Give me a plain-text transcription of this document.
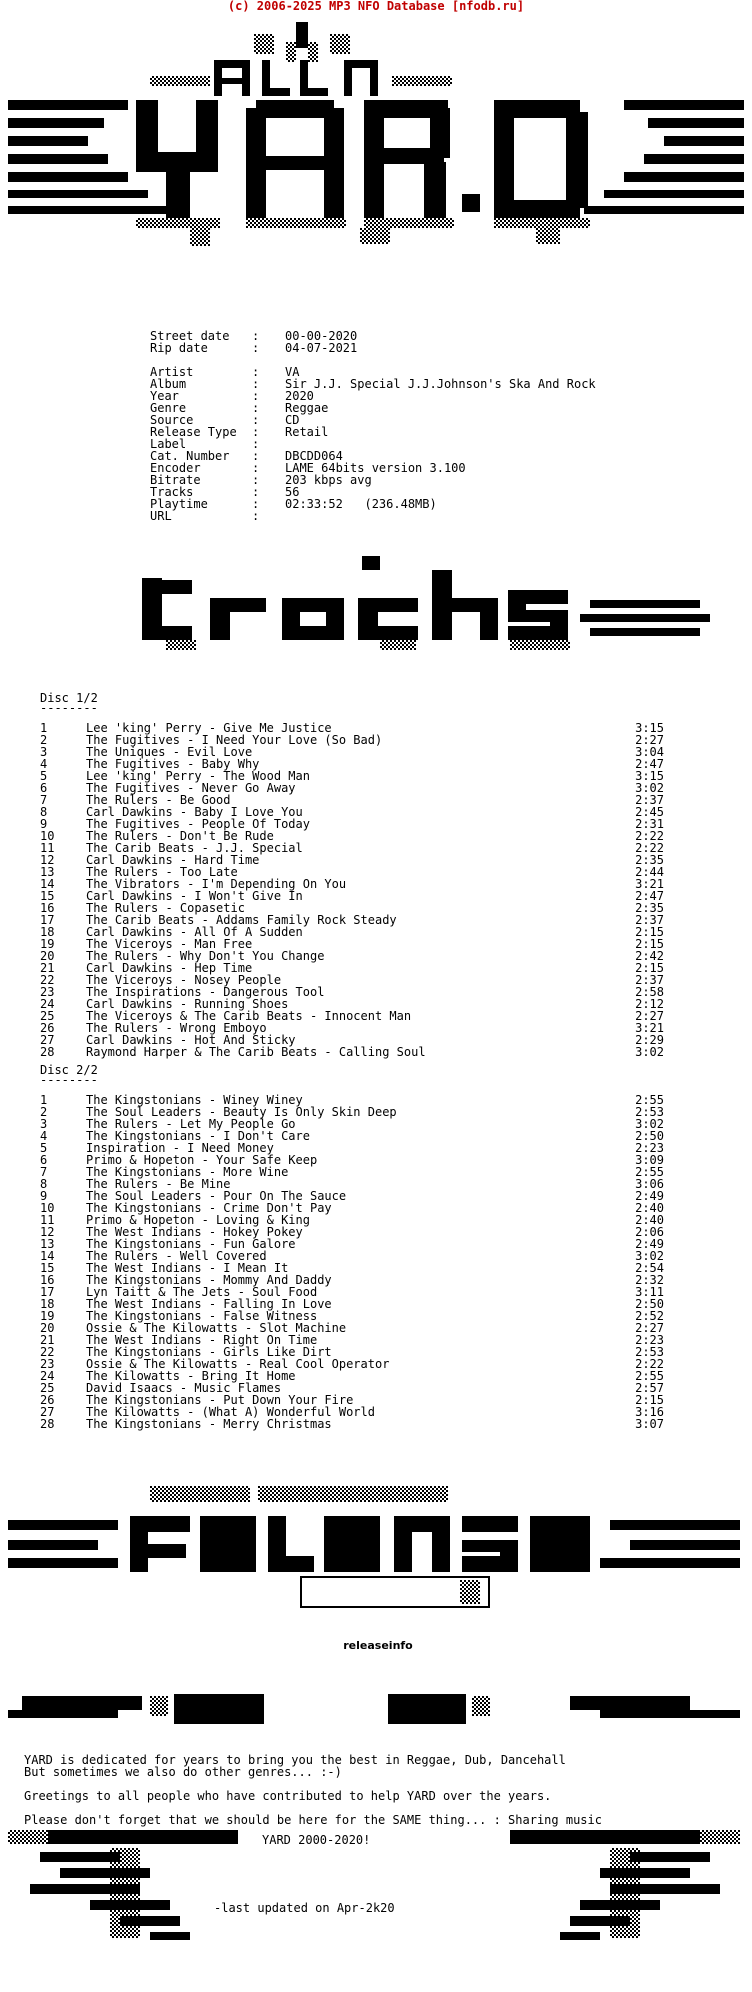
(c) 2006-2025 MP3 NFO Database [nfodb.ru]
Street date : 00-00-2020
Rip date	: 04-07-2021
Artist	: VA
Album	: Sir J.J. Special J.J.Johnson's Ska And Rock
Year	: 2020
Genre	: Reggae
Source	: CD
Release Type : Retail
Label	:
Cat. Number : DBCDD064
Encoder	: LAME 64bits version 3.100
Bitrate	: 203 kbps avg
Tracks	: 56
Playtime	: 02:33:52   (236.48MB)
URL	:
Disc 1/2
--------
1	Lee 'king' Perry - Give Me Justice	3:15
2	The Fugitives - I Need Your Love (So Bad)	2:27
3	The Uniques - Evil Love	3:04
4	The Fugitives - Baby Why	2:47
5	Lee 'king' Perry - The Wood Man	3:15
6	The Fugitives - Never Go Away	3:02
7	The Rulers - Be Good	2:37
8	Carl Dawkins - Baby I Love You	2:45
9	The Fugitives - People Of Today	2:31
10	The Rulers - Don't Be Rude	2:22
11	The Carib Beats - J.J. Special	2:22
12	Carl Dawkins - Hard Time	2:35
13	The Rulers - Too Late	2:44
14	The Vibrators - I'm Depending On You	3:21
15	Carl Dawkins - I Won't Give In	2:47
16	The Rulers - Copasetic	2:35
17	The Carib Beats - Addams Family Rock Steady	2:37
18	Carl Dawkins - All Of A Sudden	2:15
19	The Viceroys - Man Free	2:15
20	The Rulers - Why Don't You Change	2:42
21	Carl Dawkins - Hep Time	2:15
22	The Viceroys - Nosey People	2:37
23	The Inspirations - Dangerous Tool	2:58
24	Carl Dawkins - Running Shoes	2:12
25	The Viceroys & The Carib Beats - Innocent Man	2:27
26	The Rulers - Wrong Emboyo	3:21
27	Carl Dawkins - Hot And Sticky	2:29
28	Raymond Harper & The Carib Beats - Calling Soul	3:02
Disc 2/2
--------
1	The Kingstonians - Winey Winey	2:55
2	The Soul Leaders - Beauty Is Only Skin Deep	2:53
3	The Rulers - Let My People Go	3:02
4	The Kingstonians - I Don't Care	2:50
5	Inspiration - I Need Money	2:23
6	Primo & Hopeton - Your Safe Keep	3:09
7	The Kingstonians - More Wine	2:55
8	The Rulers - Be Mine	3:06
9	The Soul Leaders - Pour On The Sauce	2:49
10	The Kingstonians - Crime Don't Pay	2:40
11	Primo & Hopeton - Loving & King	2:40
12	The West Indians - Hokey Pokey	2:06
13	The Kingstonians - Fun Galore	2:49
14	The Rulers - Well Covered	3:02
15	The West Indians - I Mean It	2:54
16	The Kingstonians - Mommy And Daddy	2:32
17	Lyn Taitt & The Jets - Soul Food	3:11
18	The West Indians - Falling In Love	2:50
19	The Kingstonians - False Witness	2:52
20	Ossie & The Kilowatts - Slot Machine	2:27
21	The West Indians - Right On Time	2:23
22	The Kingstonians - Girls Like Dirt	2:53
23	Ossie & The Kilowatts - Real Cool Operator	2:22
24	The Kilowatts - Bring It Home	2:55
25	David Isaacs - Music Flames	2:57
26	The Kingstonians - Put Down Your Fire	2:15
27	The Kilowatts - (What A) Wonderful World	3:16
28	The Kingstonians - Merry Christmas	3:07
releaseinfo
YARD is dedicated for years to bring you the best in Reggae, Dub, Dancehall
But sometimes we also do other genres... :-)
Greetings to all people who have contributed to help YARD over the years.
Please don't forget that we should be here for the SAME thing... : Sharing music
YARD 2000-2020!
-last updated on Apr-2k20
